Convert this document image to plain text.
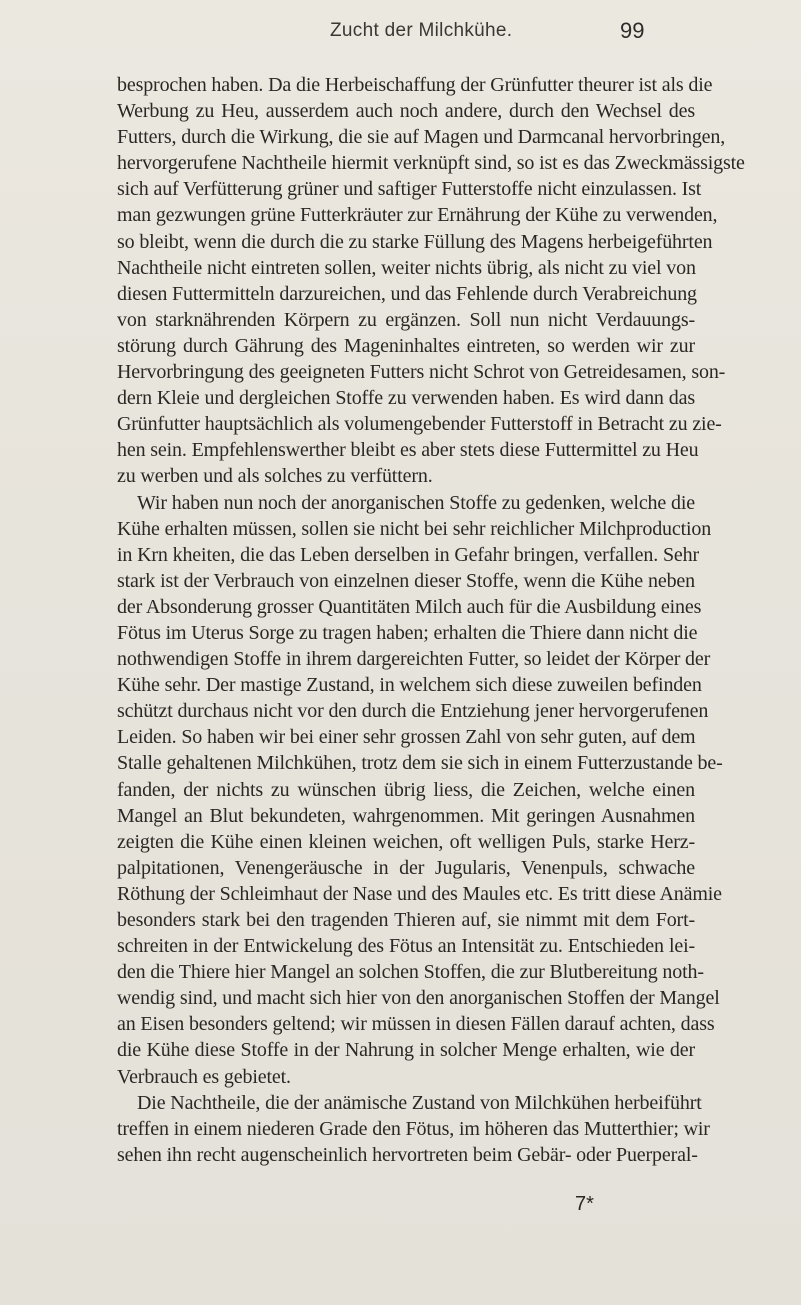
Zucht der Milchkühe.	99
besprochen haben. Da die Herbeischaffung der Grünfutter theurer ist als die
Werbung zu Heu, ausserdem auch noch andere, durch den Wechsel des
Futters, durch die Wirkung, die sie auf Magen und Darmcanal hervorbringen,
hervorgerufene Nachtheile hiermit verknüpft sind, so ist es das Zweckmässigste
sich auf Verfütterung grüner und saftiger Futterstoffe nicht einzulassen. Ist
man gezwungen grüne Futterkräuter zur Ernährung der Kühe zu verwenden,
so bleibt, wenn die durch die zu starke Füllung des Magens herbeigeführten
Nachtheile nicht eintreten sollen, weiter nichts übrig, als nicht zu viel von
diesen Futtermitteln darzureichen, und das Fehlende durch Verabreichung
von starknährenden Körpern zu ergänzen. Soll nun nicht Verdauungs-
störung durch Gährung des Mageninhaltes eintreten, so werden wir zur
Hervorbringung des geeigneten Futters nicht Schrot von Getreidesamen, son-
dern Kleie und dergleichen Stoffe zu verwenden haben. Es wird dann das
Grünfutter hauptsächlich als volumengebender Futterstoff in Betracht zu zie-
hen sein. Empfehlenswerther bleibt es aber stets diese Futtermittel zu Heu
zu werben und als solches zu verfüttern.
Wir haben nun noch der anorganischen Stoffe zu gedenken, welche die
Kühe erhalten müssen, sollen sie nicht bei sehr reichlicher Milchproduction
in Krn kheiten, die das Leben derselben in Gefahr bringen, verfallen. Sehr
stark ist der Verbrauch von einzelnen dieser Stoffe, wenn die Kühe neben
der Absonderung grosser Quantitäten Milch auch für die Ausbildung eines
Fötus im Uterus Sorge zu tragen haben; erhalten die Thiere dann nicht die
nothwendigen Stoffe in ihrem dargereichten Futter, so leidet der Körper der
Kühe sehr. Der mastige Zustand, in welchem sich diese zuweilen befinden
schützt durchaus nicht vor den durch die Entziehung jener hervorgerufenen
Leiden. So haben wir bei einer sehr grossen Zahl von sehr guten, auf dem
Stalle gehaltenen Milchkühen, trotz dem sie sich in einem Futterzustande be-
fanden, der nichts zu wünschen übrig liess, die Zeichen, welche einen
Mangel an Blut bekundeten, wahrgenommen. Mit geringen Ausnahmen
zeigten die Kühe einen kleinen weichen, oft welligen Puls, starke Herz-
palpitationen, Venengeräusche in der Jugularis, Venenpuls, schwache
Röthung der Schleimhaut der Nase und des Maules etc. Es tritt diese Anämie
besonders stark bei den tragenden Thieren auf, sie nimmt mit dem Fort-
schreiten in der Entwickelung des Fötus an Intensität zu. Entschieden lei-
den die Thiere hier Mangel an solchen Stoffen, die zur Blutbereitung noth-
wendig sind, und macht sich hier von den anorganischen Stoffen der Mangel
an Eisen besonders geltend; wir müssen in diesen Fällen darauf achten, dass
die Kühe diese Stoffe in der Nahrung in solcher Menge erhalten, wie der
Verbrauch es gebietet.
Die Nachtheile, die der anämische Zustand von Milchkühen herbeiführt
treffen in einem niederen Grade den Fötus, im höheren das Mutterthier; wir
sehen ihn recht augenscheinlich hervortreten beim Gebär- oder Puerperal-
7*
